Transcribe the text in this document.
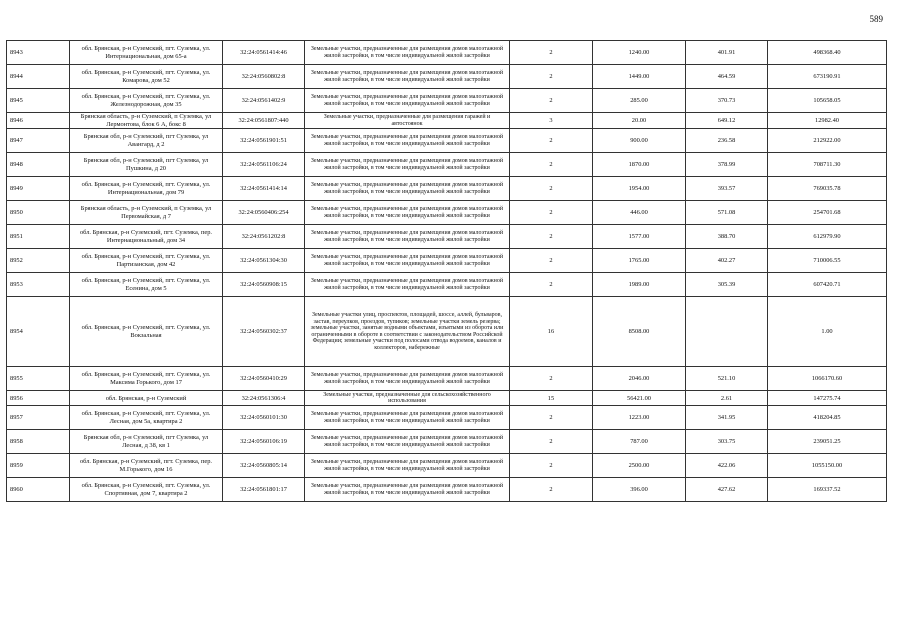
589
8943	обл. Брянская, р-н Суземский, пгт. Суземка, ул. Интернациональная, дом 65-а	32:24:0561414:46	Земельные участки, предназначенные для размещения домов малоэтажной жилой застройки, в том числе индивидуальной жилой застройки	2	1240.00	401.91	498368.40
8944	обл. Брянская, р-н Суземский, пгт. Суземка, ул. Комарова, дом 52	32:24:0560802:8	Земельные участки, предназначенные для размещения домов малоэтажной жилой застройки, в том числе индивидуальной жилой застройки	2	1449.00	464.59	673190.91
8945	обл. Брянская, р-н Суземский, пгт. Суземка, ул. Железнодорожная, дом 35	32:24:0561402:9	Земельные участки, предназначенные для размещения домов малоэтажной жилой застройки, в том числе индивидуальной жилой застройки	2	285.00	370.73	105658.05
8946	Брянская область, р-н Суземский, п Суземка, ул Лермонтова, блок 6 А, бокс 8	32:24:0561807:440	Земельные участки, предназначенные для размещения гаражей и автостоянок	3	20.00	649.12	12982.40
8947	Брянская обл, р-н Суземский, пгт Суземка, ул Авангард, д 2	32:24:0561901:51	Земельные участки, предназначенные для размещения домов малоэтажной жилой застройки, в том числе индивидуальной жилой застройки	2	900.00	236.58	212922.00
8948	Брянская обл, р-н Суземский, пгт Суземка, ул Пушкина, д 20	32:24:0561106:24	Земельные участки, предназначенные для размещения домов малоэтажной жилой застройки, в том числе индивидуальной жилой застройки	2	1870.00	378.99	708711.30
8949	обл. Брянская, р-н Суземский, пгт. Суземка, ул. Интернациональная, дом 79	32:24:0561414:14	Земельные участки, предназначенные для размещения домов малоэтажной жилой застройки, в том числе индивидуальной жилой застройки	2	1954.00	393.57	769035.78
8950	Брянская область, р-н Суземский, п Суземка, ул Первомайская, д 7	32:24:0560406:254	Земельные участки, предназначенные для размещения домов малоэтажной жилой застройки, в том числе индивидуальной жилой застройки	2	446.00	571.08	254701.68
8951	обл. Брянская, р-н Суземский, пгт. Суземка, пер. Интернациональный, дом 34	32:24:0561202:8	Земельные участки, предназначенные для размещения домов малоэтажной жилой застройки, в том числе индивидуальной жилой застройки	2	1577.00	388.70	612979.90
8952	обл. Брянская, р-н Суземский, пгт. Суземка, ул. Партизанская, дом 42	32:24:0561304:30	Земельные участки, предназначенные для размещения домов малоэтажной жилой застройки, в том числе индивидуальной жилой застройки	2	1765.00	402.27	710006.55
8953	обл. Брянская, р-н Суземский, пгт. Суземка, ул. Есенина, дом 5	32:24:0560908:15	Земельные участки, предназначенные для размещения домов малоэтажной жилой застройки, в том числе индивидуальной жилой застройки	2	1989.00	305.39	607420.71
8954	обл. Брянская, р-н Суземский, пгт. Суземка, ул. Вокзальная	32:24:0560302:37	Земельные участки улиц, проспектов, площадей, шоссе, аллей, бульваров, застав, переулков, проездов, тупиков; земельные участки земель резерва; земельные участки, занятые водными объектами, изъятыми из оборота или ограниченными в обороте в соответствии с законодательством Российской Федерации; земельные участки под полосами отвода водоемов, каналов и коллекторов, набережные	16	8508.00		1.00
8955	обл. Брянская, р-н Суземский, пгт. Суземка, ул. Максима Горького, дом 17	32:24:0560410:29	Земельные участки, предназначенные для размещения домов малоэтажной жилой застройки, в том числе индивидуальной жилой застройки	2	2046.00	521.10	1066170.60
8956	обл. Брянская, р-н Суземский	32:24:0561306:4	Земельные участки, предназначенные для сельскохозяйственного использования	15	56421.00	2.61	147275.74
8957	обл. Брянская, р-н Суземский, пгт. Суземка, ул. Лесная, дом 5а, квартира 2	32:24:0560101:30	Земельные участки, предназначенные для размещения домов малоэтажной жилой застройки, в том числе индивидуальной жилой застройки	2	1223.00	341.95	418204.85
8958	Брянская обл, р-н Суземский, пгт Суземка, ул Лесная, д 38, кв 1	32:24:0560106:19	Земельные участки, предназначенные для размещения домов малоэтажной жилой застройки, в том числе индивидуальной жилой застройки	2	787.00	303.75	239051.25
8959	обл. Брянская, р-н Суземский, пгт. Суземка, пер. М.Горького, дом 16	32:24:0560805:14	Земельные участки, предназначенные для размещения домов малоэтажной жилой застройки, в том числе индивидуальной жилой застройки	2	2500.00	422.06	1055150.00
8960	обл. Брянская, р-н Суземский, пгт. Суземка, ул. Спортивная, дом 7, квартира 2	32:24:0561801:17	Земельные участки, предназначенные для размещения домов малоэтажной жилой застройки, в том числе индивидуальной жилой застройки	2	396.00	427.62	169337.52
